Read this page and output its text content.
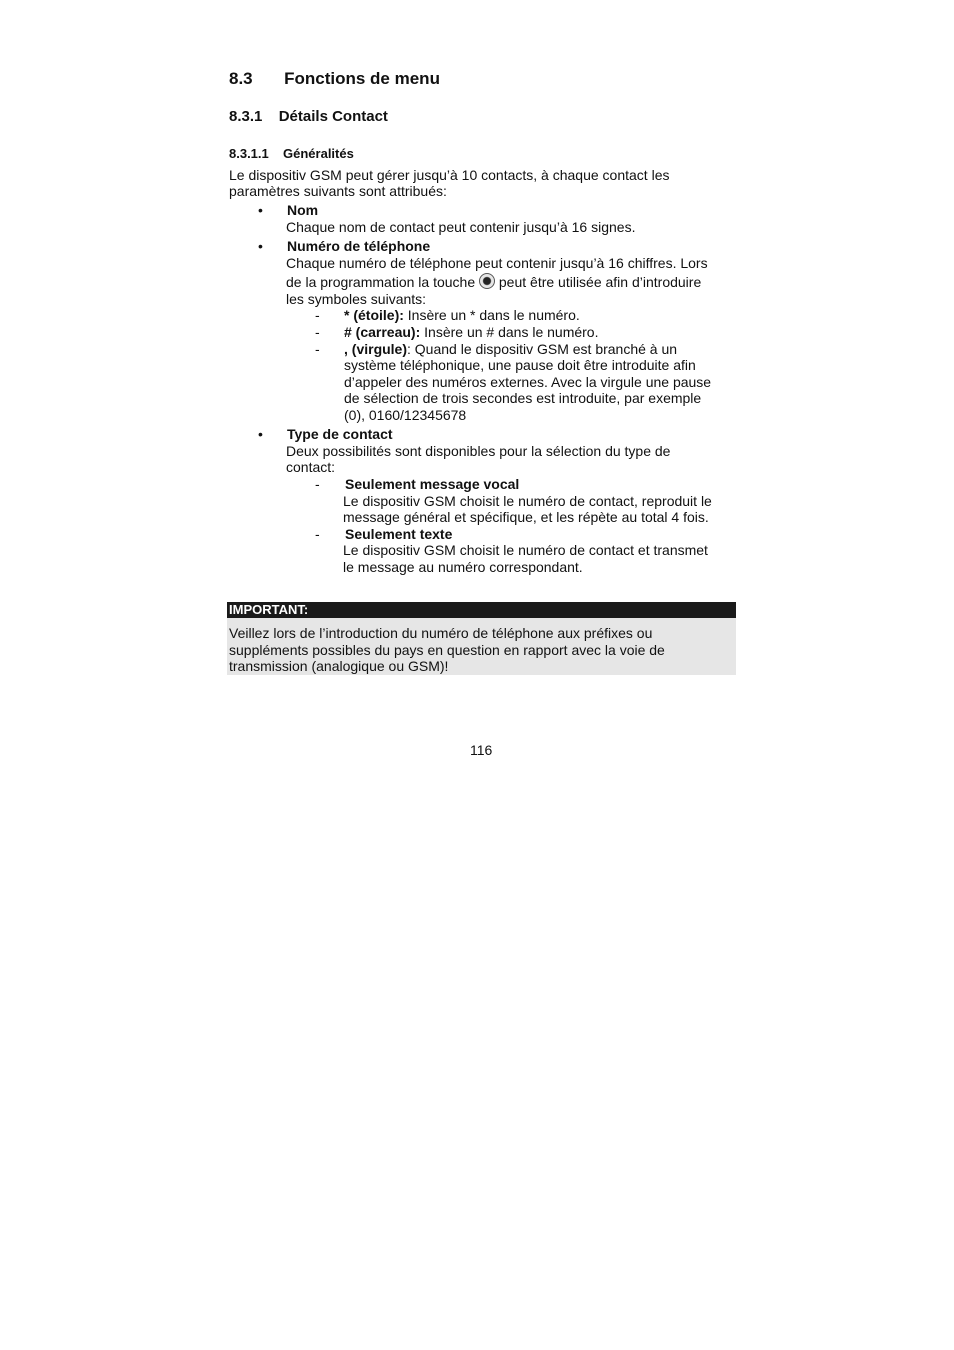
8.3 Fonctions de menu
8.3.1 Détails Contact
8.3.1.1 Généralités
Le dispositiv GSM peut gérer jusqu’à 10 contacts, à chaque contact les
paramètres suivants sont attribués:
• Nom
Chaque nom de contact peut contenir jusqu’à 16 signes.
• Numéro de téléphone
Chaque numéro de téléphone peut contenir jusqu’à 16 chiffres. Lors
de la programmation la touche peut être utilisée afin d’introduire
les symboles suivants:
- * (étoile): Insère un * dans le numéro.
- # (carreau): Insère un # dans le numéro.
- , (virgule): Quand le dispositiv GSM est branché à un
système téléphonique, une pause doit être introduite afin
d’appeler des numéros externes. Avec la virgule une pause
de sélection de trois secondes est introduite, par exemple
(0), 0160/12345678
• Type de contact
Deux possibilités sont disponibles pour la sélection du type de
contact:
- Seulement message vocal
Le dispositiv GSM choisit le numéro de contact, reproduit le
message général et spécifique, et les répète au total 4 fois.
- Seulement texte
Le dispositiv GSM choisit le numéro de contact et transmet
le message au numéro correspondant.
IMPORTANT:
Veillez lors de l’introduction du numéro de téléphone aux préfixes ou
suppléments possibles du pays en question en rapport avec la voie de
transmission (analogique ou GSM)!
116
